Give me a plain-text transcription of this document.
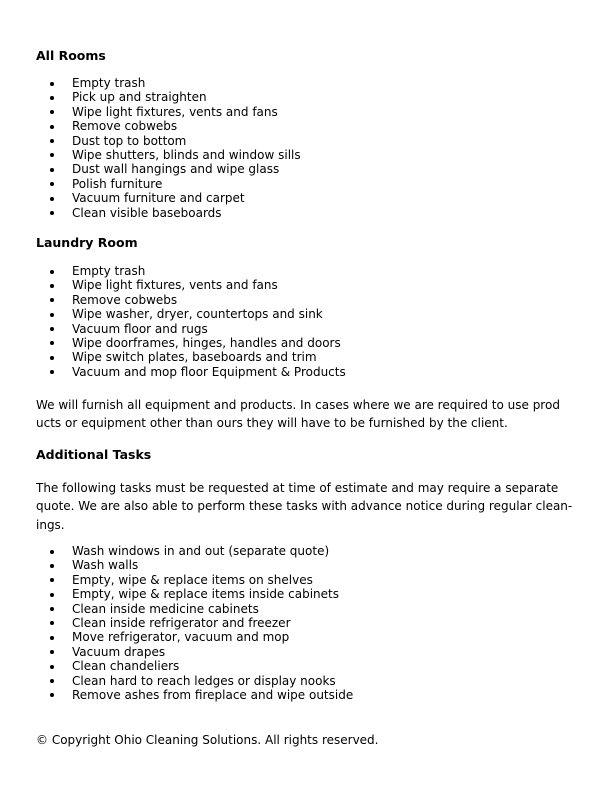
All Rooms
Empty trash
Pick up and straighten
Wipe light fixtures, vents and fans
Remove cobwebs
Dust top to bottom
Wipe shutters, blinds and window sills
Dust wall hangings and wipe glass
Polish furniture
Vacuum furniture and carpet
Clean visible baseboards
Laundry Room
Empty trash
Wipe light fixtures, vents and fans
Remove cobwebs
Wipe washer, dryer, countertops and sink
Vacuum floor and rugs
Wipe doorframes, hinges, handles and doors
Wipe switch plates, baseboards and trim
Vacuum and mop floor Equipment & Products
We will furnish all equipment and products. In cases where we are required to use prod
ucts or equipment other than ours they will have to be furnished by the client.
Additional Tasks
The following tasks must be requested at time of estimate and may require a separate
quote. We are also able to perform these tasks with advance notice during regular clean-
ings.
Wash windows in and out (separate quote)
Wash walls
Empty, wipe & replace items on shelves
Empty, wipe & replace items inside cabinets
Clean inside medicine cabinets
Clean inside refrigerator and freezer
Move refrigerator, vacuum and mop
Vacuum drapes
Clean chandeliers
Clean hard to reach ledges or display nooks
Remove ashes from fireplace and wipe outside
© Copyright Ohio Cleaning Solutions. All rights reserved.
